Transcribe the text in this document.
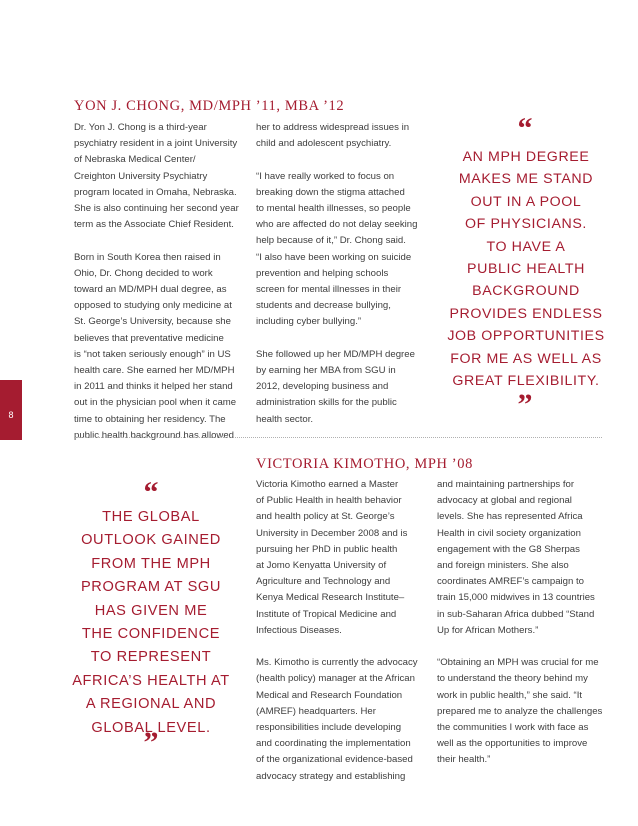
8
YON J. CHONG, MD/MPH ’11, MBA ’12

Dr. Yon J. Chong is a third-year

psychiatry resident in a joint University

of Nebraska Medical Center/

Creighton University Psychiatry

program located in Omaha, Nebraska.

She is also continuing her second year

term as the Associate Chief Resident.

Born in South Korea then raised in

Ohio, Dr. Chong decided to work

toward an MD/MPH dual degree, as

opposed to studying only medicine at

St. George’s University, because she

believes that preventative medicine

is “not taken seriously enough” in US

health care. She earned her MD/MPH

in 2011 and thinks it helped her stand

out in the physician pool when it came

time to obtaining her residency. The

public health background has allowed

her to address widespread issues in

child and adolescent psychiatry.

“I have really worked to focus on

breaking down the stigma attached

to mental health illnesses, so people

who are affected do not delay seeking

help because of it,” Dr. Chong said.

“I also have been working on suicide

prevention and helping schools

screen for mental illnesses in their

students and decrease bullying,

including cyber bullying.”

She followed up her MD/MPH degree

by earning her MBA from SGU in

2012, developing business and

administration skills for the public

health sector.

“
AN MPH DEGREE
MAKES ME STAND
OUT IN A POOL
OF PHYSICIANS.
TO HAVE A
PUBLIC HEALTH
BACKGROUND
PROVIDES ENDLESS
JOB OPPORTUNITIES
FOR ME AS WELL AS
GREAT FLEXIBILITY.
”
VICTORIA KIMOTHO, MPH ’08
“
THE GLOBAL
OUTLOOK GAINED
FROM THE MPH
PROGRAM AT SGU
HAS GIVEN ME
THE CONFIDENCE
TO REPRESENT
AFRICA’S HEALTH AT
A REGIONAL AND
GLOBAL LEVEL.
”

Victoria Kimotho earned a Master

of Public Health in health behavior

and health policy at St. George’s

University in December 2008 and is

pursuing her PhD in public health

at Jomo Kenyatta University of

Agriculture and Technology and

Kenya Medical Research Institute–

Institute of Tropical Medicine and

Infectious Diseases.

Ms. Kimotho is currently the advocacy

(health policy) manager at the African

Medical and Research Foundation

(AMREF) headquarters. Her

responsibilities include developing

and coordinating the implementation

of the organizational evidence-based

advocacy strategy and establishing

and maintaining partnerships for

advocacy at global and regional

levels. She has represented Africa

Health in civil society organization

engagement with the G8 Sherpas

and foreign ministers. She also

coordinates AMREF’s campaign to

train 15,000 midwives in 13 countries

in sub-Saharan Africa dubbed “Stand

Up for African Mothers.”

“Obtaining an MPH was crucial for me

to understand the theory behind my

work in public health,” she said. “It

prepared me to analyze the challenges

the communities I work with face as

well as the opportunities to improve

their health.”
